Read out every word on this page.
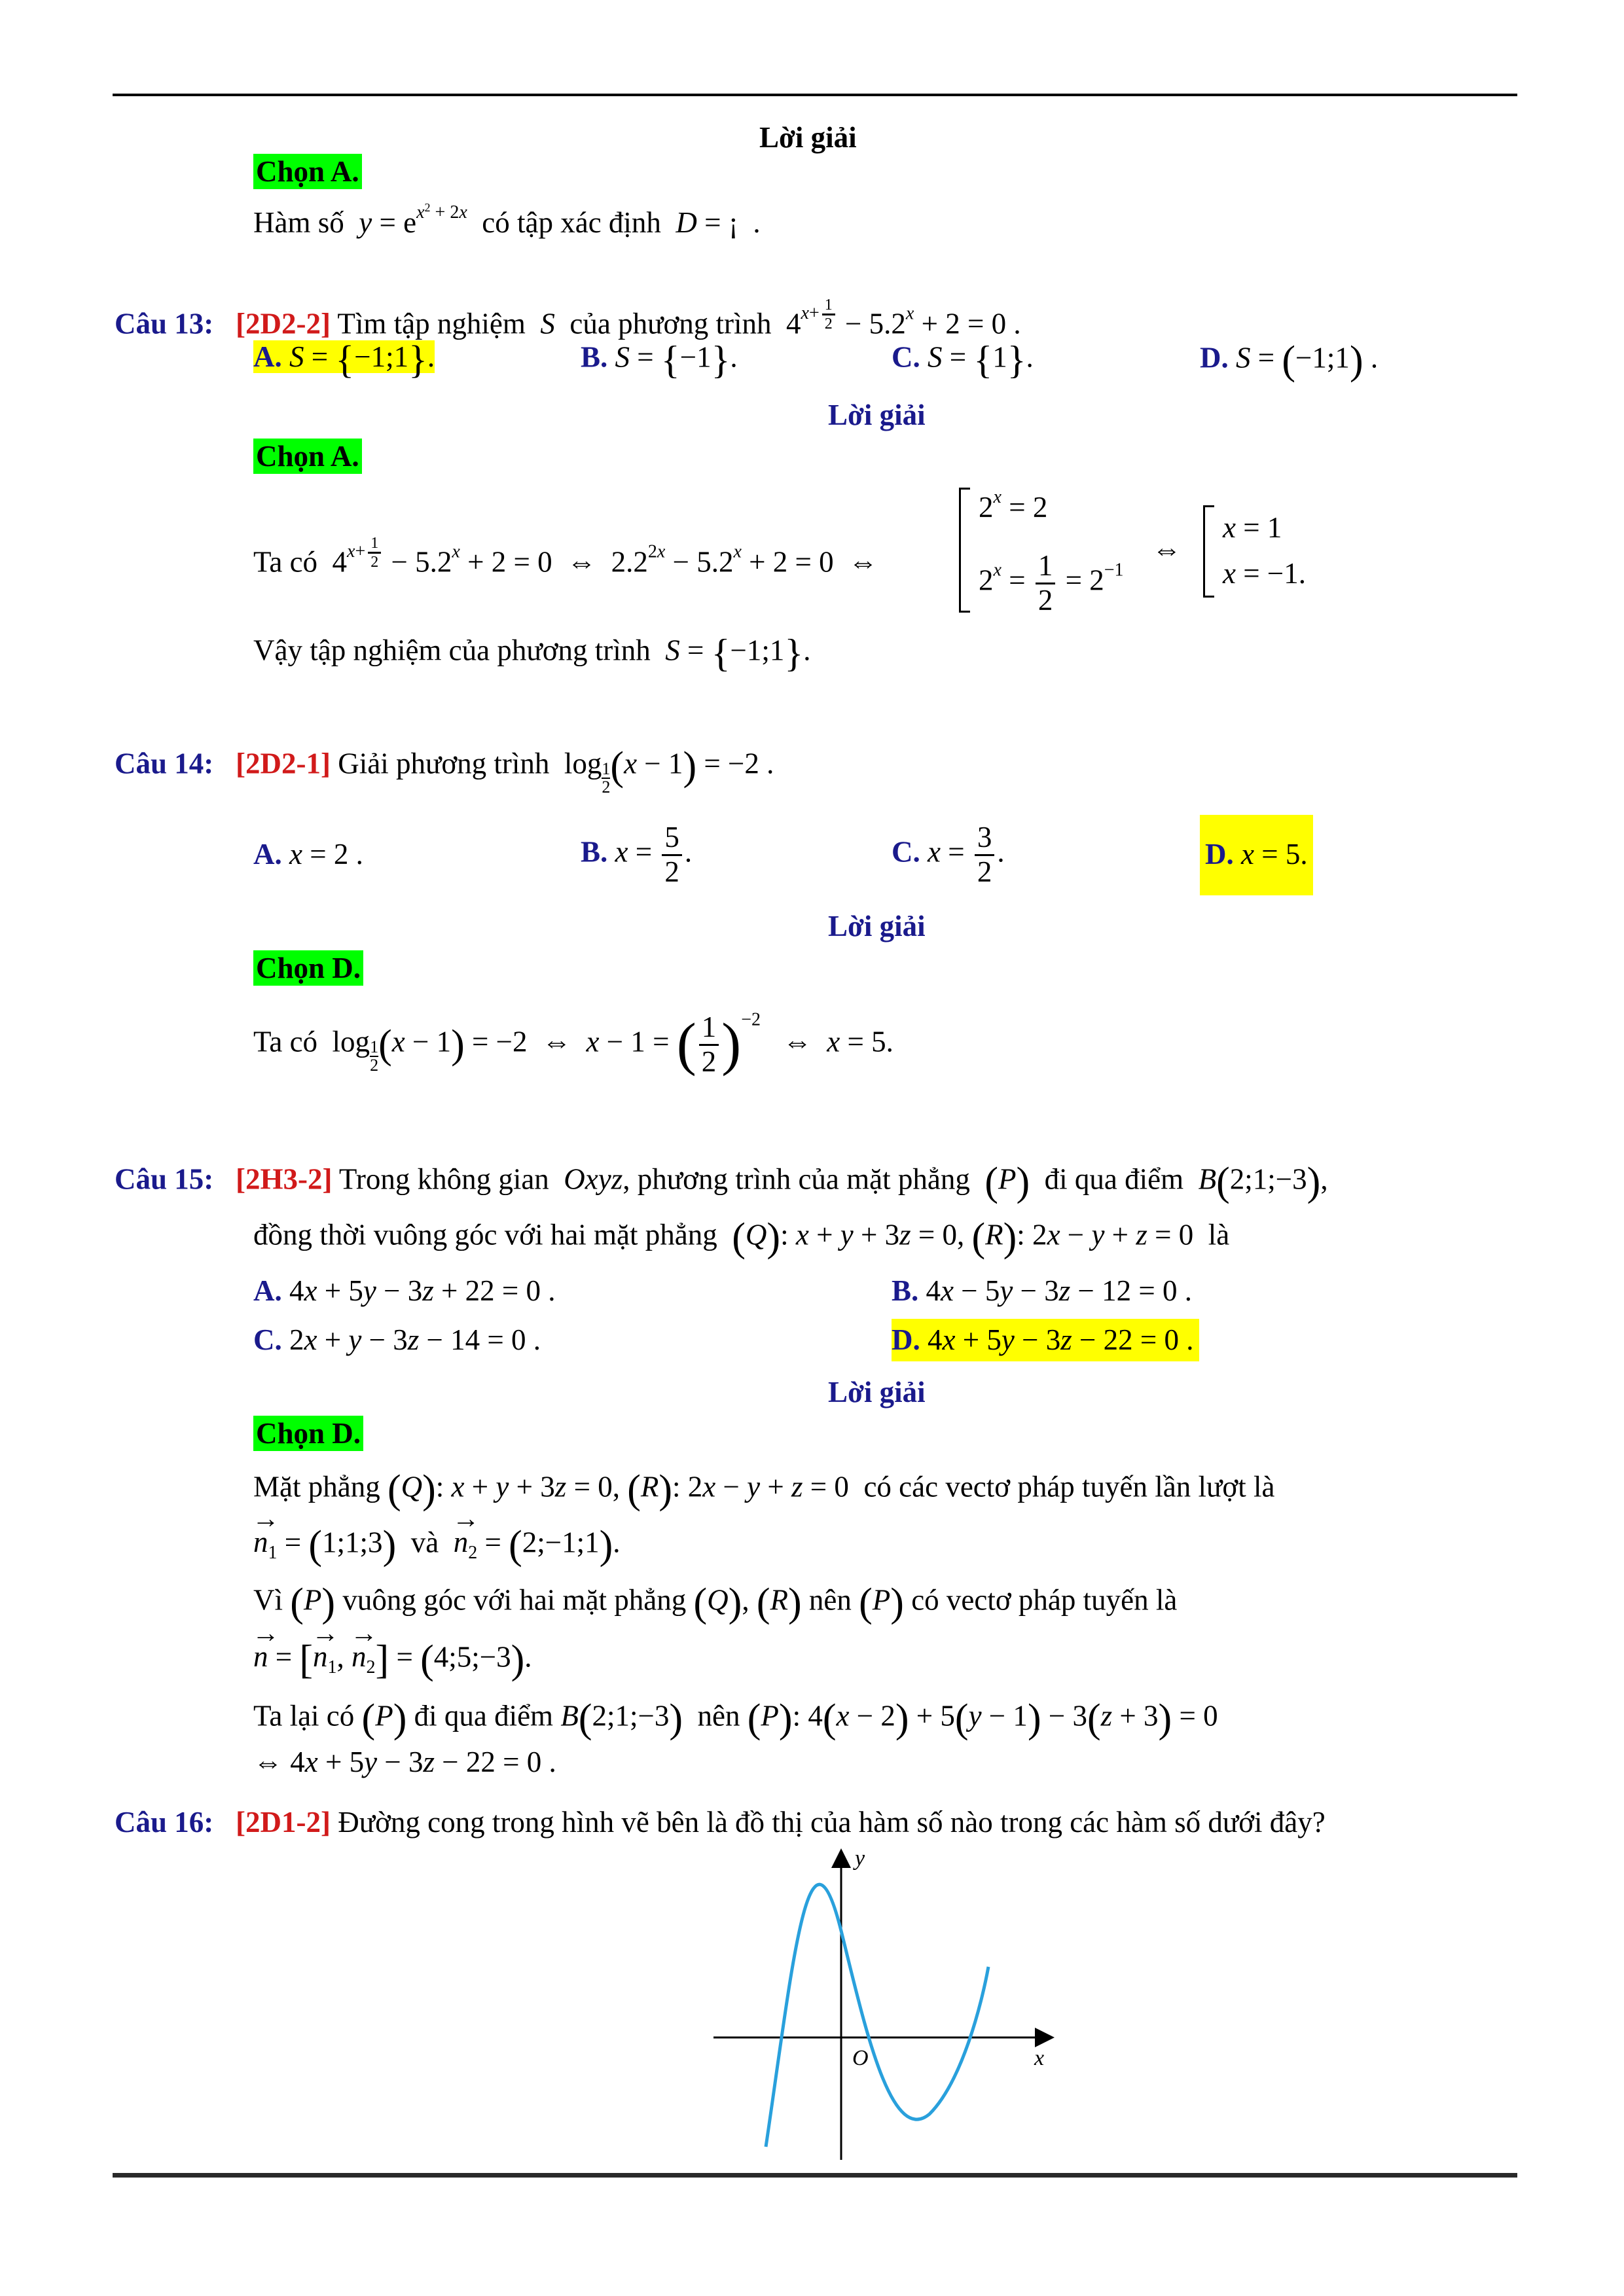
Lời giải
Chọn A.
Hàm số $y = e^{x^2 + 2x}$ có tập xác định D = ¡  .
Câu 13: [2D2-2] Tìm tập nghiệm S của phương trình  $4^{x+ \frac{1}{2}} - 5.2^x + 2 = 0$ .
A. S = {−1;1}.	B. S = {−1}.	C. S = {1}.	D. S = (−1;1) .
Lời giải
Chọn A.
Ta có  $4^{x+ \frac{1}{2}} - 5.2^x + 2 = 0$  ⇔  $2.2^{2x} - 5.2^x + 2 = 0$  ⇔
$2^x = 2$
$2^x = \frac{1}{2} = 2^{-1}$
⇔
x = 1
x = −1.
Vậy tập nghiệm của phương trình S = {−1;1}.
Câu 14: [2D2-1] Giải phương trình  $\log \frac{1}{2} (x - 1) = -2$ .
A. x = 2 .	B. $x = \frac{5}{2}$ .	C. $x = \frac{3}{2}$ .	D. x = 5.
Lời giải
Chọn D.
Ta có  $\log \frac{1}{2} (x - 1) = -2$  ⇔  x − 1 = ( $\frac{1}{2} )^{-2}$   ⇔  x = 5.
Câu 15: [2H3-2] Trong không gian Oxyz, phương trình của mặt phẳng (P) đi qua điểm B(2;1;−3),
đồng thời vuông góc với hai mặt phẳng (Q): x + y + 3z = 0, (R): 2x − y + z = 0  là
A. 4x + 5y − 3z + 22 = 0 .	B. 4x − 5y − 3z − 12 = 0 .
C. 2x + y − 3z − 14 = 0 .	D. 4x + 5y − 3z − 22 = 0 .
Lời giải
Chọn D.
Mặt phẳng (Q): x + y + 3z = 0, (R): 2x − y + z = 0  có các vectơ pháp tuyến lần lượt là
→ $n_1$ = (1;1;3) và  → $n_2$ = (2;−1;1).
Vì (P) vuông góc với hai mặt phẳng (Q), (R) nên (P) có vectơ pháp tuyến là
→ n = [→ $n_1$, → $n_2$] = (4;5;−3).
Ta lại có (P) đi qua điểm B(2;1;−3) nên (P): 4(x − 2) + 5(y − 1) − 3(z + 3) = 0
⇔ 4x + 5y − 3z − 22 = 0 .
Câu 16: [2D1-2] Đường cong trong hình vẽ bên là đồ thị của hàm số nào trong các hàm số dưới đây?
y
x
O
